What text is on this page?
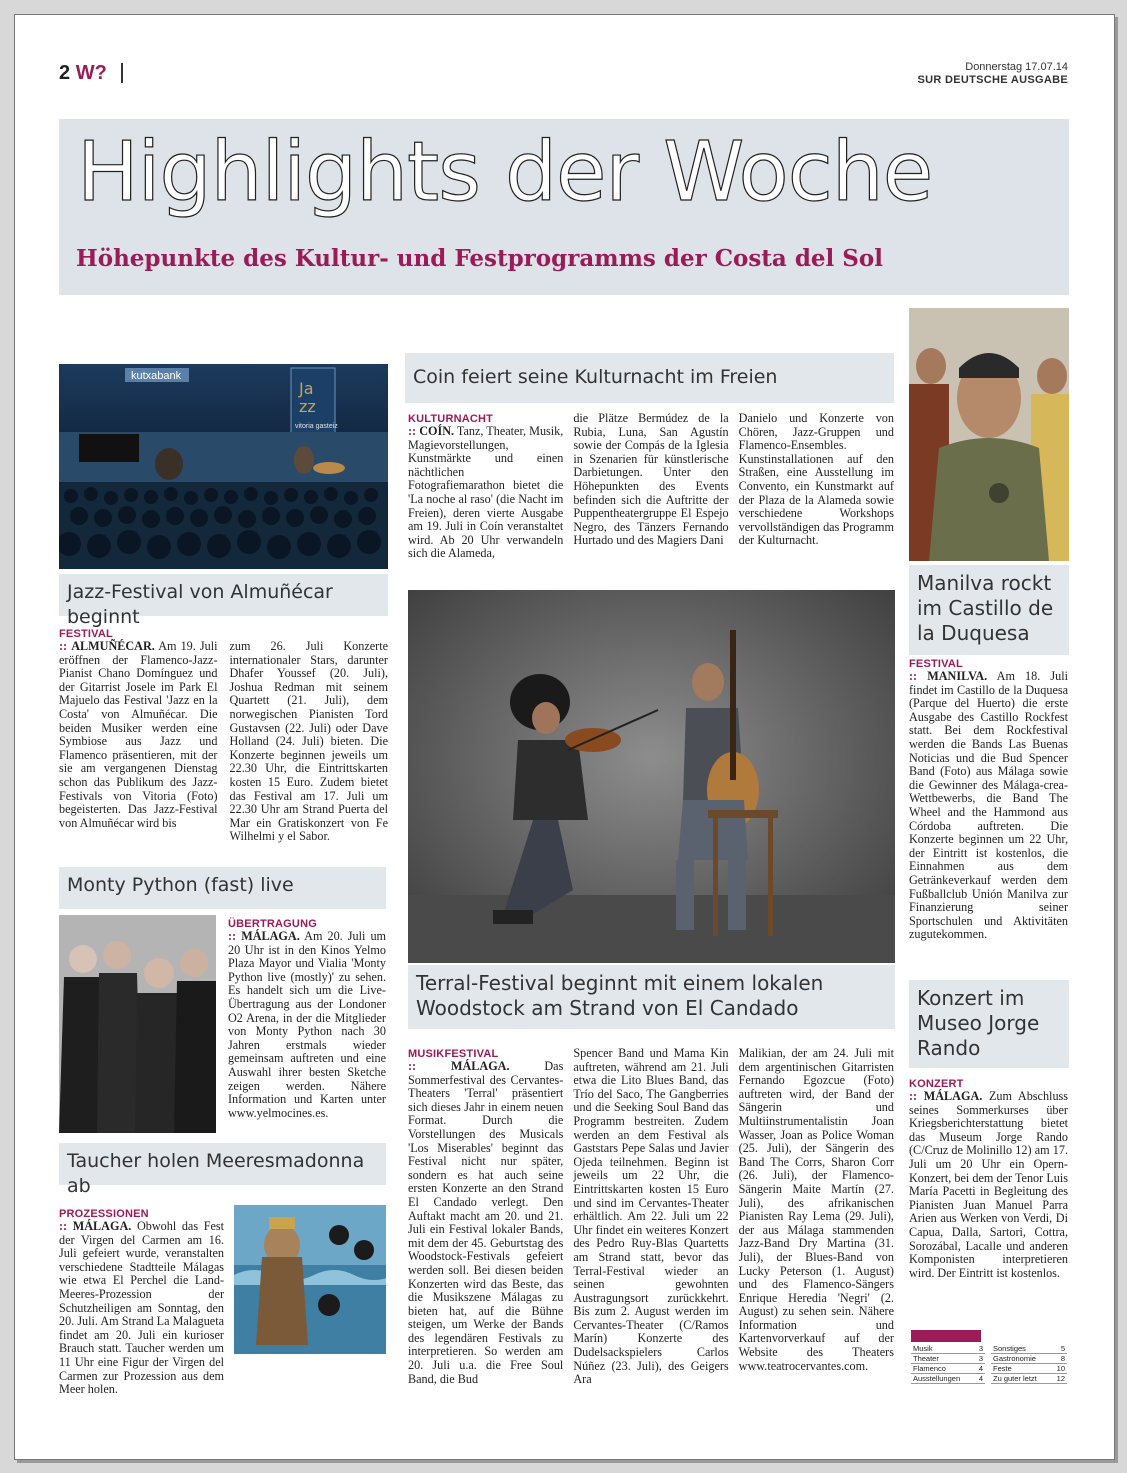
2 W?	Donnerstag 17.07.14
SUR DEUTSCHE AUSGABE
Highlights der Woche
Höhepunkte des Kultur- und Festprogramms der Costa del Sol
kutxabank
Ja
zz
vitoria gasteiz
Jazz-Festival von Almuñécar beginnt
FESTIVAL
:: ALMUÑÉCAR. Am 19. Juli eröffnen der Flamenco-Jazz-Pianist Chano Domínguez und der Gitarrist Josele im Park El Majuelo das Festival 'Jazz en la Costa' von Almuñécar. Die beiden Musiker werden eine Symbiose aus Jazz und Flamenco präsentieren, mit der sie am vergangenen Dienstag schon das Publikum des Jazz-Festivals von Vitoria (Foto) begeisterten. Das Jazz-Festival von Almuñécar wird bis
zum 26. Juli Konzerte internationaler Stars, darunter Dhafer Youssef (20. Juli), Joshua Redman mit seinem Quartett (21. Juli), dem norwegischen Pianisten Tord Gustavsen (22. Juli) oder Dave Holland (24. Juli) bieten. Die Konzerte beginnen jeweils um 22.30 Uhr, die Eintrittskarten kosten 15 Euro. Zudem bietet das Festival am 17. Juli um 22.30 Uhr am Strand Puerta del Mar ein Gratiskonzert von Fe Wilhelmi y el Sabor.
Coin feiert seine Kulturnacht im Freien
KULTURNACHT
:: COÍN. Tanz, Theater, Musik, Magievorstellungen, Kunstmärkte und einen nächtlichen Fotografiemarathon bietet die 'La noche al raso' (die Nacht im Freien), deren vierte Ausgabe am 19. Juli in Coín veranstaltet wird. Ab 20 Uhr verwandeln sich die Alameda,
die Plätze Bermúdez de la Rubia, Luna, San Agustín sowie der Compás de la Iglesia in Szenarien für künstlerische Darbietungen. Unter den Höhepunkten des Events befinden sich die Auftritte der Puppentheatergruppe El Espejo Negro, des Tänzers Fernando Hurtado und des Magiers Dani
Danielo und Konzerte von Chören, Jazz-Gruppen und Flamenco-Ensembles. Kunstinstallationen auf den Straßen, eine Ausstellung im Convento, ein Kunstmarkt auf der Plaza de la Alameda sowie verschiedene Workshops vervollständigen das Programm der Kulturnacht.
Terral-Festival beginnt mit einem lokalen Woodstock am Strand von El Candado
MUSIKFESTIVAL
::	MÁLAGA.	Das Sommerfestival des Cervantes-Theaters 'Terral' präsentiert sich dieses Jahr in einem neuen Format. Durch die Vorstellungen des Musicals 'Los Miserables' beginnt das Festival nicht nur später, sondern es hat auch seine ersten Konzerte an den Strand El Candado verlegt. Den Auftakt macht am 20. und 21. Juli ein Festival lokaler Bands, mit dem der 45. Geburtstag des Woodstock-Festivals gefeiert werden soll. Bei diesen beiden Konzerten wird das Beste, das die Musikszene Málagas zu bieten hat, auf die Bühne steigen, um Werke der Bands des legendären Festivals zu interpretieren. So werden am 20. Juli u.a. die Free Soul Band, die Bud
Spencer Band und Mama Kin auftreten, während am 21. Juli etwa die Lito Blues Band, das Trío del Saco, The Gangberries und die Seeking Soul Band das Programm bestreiten. Zudem werden an dem Festival als Gaststars Pepe Salas und Javier Ojeda teilnehmen. Beginn ist jeweils um 22 Uhr, die Eintrittskarten kosten 15 Euro und sind im Cervantes-Theater erhältlich. Am 22. Juli um 22 Uhr findet ein weiteres Konzert des Pedro Ruy-Blas Quartetts am Strand statt, bevor das Terral-Festival wieder an seinen gewohnten Austragungsort zurückkehrt. Bis zum 2. August werden im Cervantes-Theater (C/Ramos Marín) Konzerte des Dudelsackspielers Carlos Núñez (23. Juli), des Geigers Ara
Malikian, der am 24. Juli mit dem argentinischen Gitarristen Fernando Egozcue (Foto) auftreten wird, der Band der Sängerin und Multiinstrumentalistin Joan Wasser, Joan as Police Woman (25. Juli), der Sängerin des Band The Corrs, Sharon Corr (26. Juli), der Flamenco-Sängerin Maite Martín (27. Juli), des afrikanischen Pianisten Ray Lema (29. Juli), der aus Málaga stammenden Jazz-Band Dry Martina (31. Juli), der Blues-Band von Lucky Peterson (1. August) und des Flamenco-Sängers Enrique Heredia 'Negri' (2. August) zu sehen sein. Nähere Information und Kartenvorverkauf auf der Website des Theaters www.teatrocervantes.com.
Manilva rockt im Castillo de la Duquesa
FESTIVAL
:: MANILVA. Am 18. Juli findet im Castillo de la Duquesa (Parque del Huerto) die erste Ausgabe des Castillo Rockfest statt. Bei dem Rockfestival werden die Bands Las Buenas Noticias und die Bud Spencer Band (Foto) aus Málaga sowie die Gewinner des Málaga-crea-Wettbewerbs, die Band The Wheel and the Hammond aus Córdoba auftreten. Die Konzerte beginnen um 22 Uhr, der Eintritt ist kostenlos, die Einnahmen aus dem Getränkeverkauf werden dem Fußballclub Unión Manilva zur Finanzierung seiner Sportschulen und Aktivitäten zugutekommen.
Monty Python (fast) live
ÜBERTRAGUNG
:: MÁLAGA. Am 20. Juli um 20 Uhr ist in den Kinos Yelmo Plaza Mayor und Vialia 'Monty Python live (mostly)' zu sehen. Es handelt sich um die Live-Übertragung aus der Londoner O2 Arena, in der die Mitglieder von Monty Python nach 30 Jahren erstmals wieder gemeinsam auftreten und eine Auswahl ihrer besten Sketche zeigen werden. Nähere Information und Karten unter www.yelmocines.es.
Taucher holen Meeresmadonna ab
PROZESSIONEN
:: MÁLAGA. Obwohl das Fest der Virgen del Carmen am 16. Juli gefeiert wurde, veranstalten verschiedene Stadtteile Málagas wie etwa El Perchel die Land-Meeres-Prozession der Schutzheiligen am Sonntag, den 20. Juli. Am Strand La Malagueta findet am 20. Juli ein kurioser Brauch statt. Taucher werden um 11 Uhr eine Figur der Virgen del Carmen zur Prozession aus dem Meer holen.
Konzert im Museo Jorge Rando
KONZERT
:: MÁLAGA. Zum Abschluss seines Sommerkurses über Kriegsberichterstattung bietet das Museum Jorge Rando (C/Cruz de Molinillo 12) am 17. Juli um 20 Uhr ein Opern-Konzert, bei dem der Tenor Luis María Pacetti in Begleitung des Pianisten Juan Manuel Parra Arien aus Werken von Verdi, Di Capua, Dalla, Sartori, Cottra, Sorozábal, Lacalle und anderen Komponisten interpretieren wird. Der Eintritt ist kostenlos.
Musik	3
Theater	3
Flamenco	4
Ausstellungen	4
Sonstiges	5
Gastronomie	8
Feste	10
Zu guter letzt	12
